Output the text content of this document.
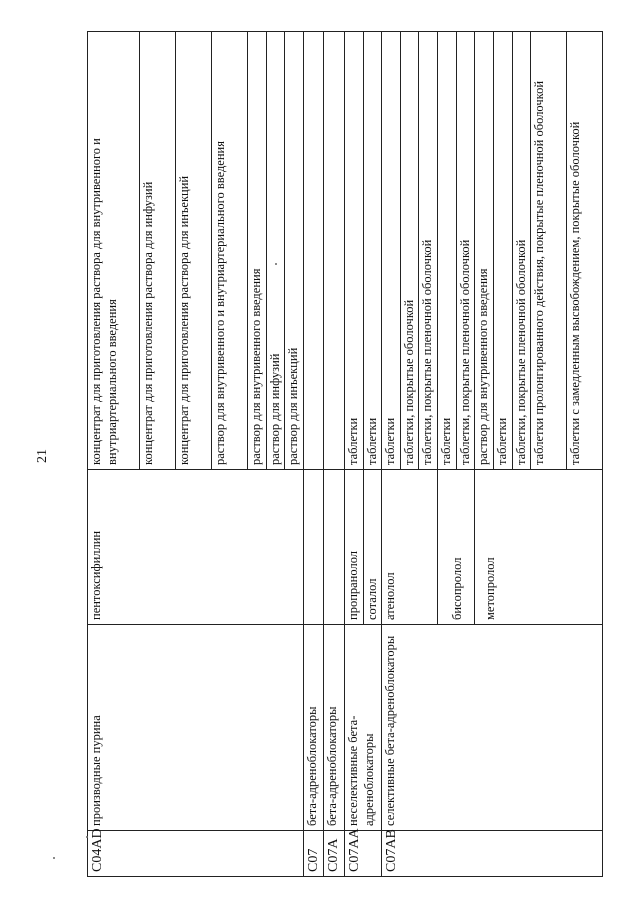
21
C04AD	производные пурина	пентоксифиллин	концентрат для приготовления раствора для внутривенного и внутриартериального введения
			концентрат для приготовления раствора для инфузий
			концентрат для приготовления раствора для инъекций
			раствор для внутривенного и внутриартериального введения
			раствор для внутривенного введения
			раствор для инфузий
			раствор для инъекций
C07	бета-адреноблокаторы		
C07A	бета-адреноблокаторы		
C07AA	неселективные бета-адреноблокаторы	пропранолол	таблетки
		соталол	таблетки
C07AB	селективные бета-адреноблокаторы	атенолол	таблетки
			таблетки, покрытые оболочкой
			таблетки, покрытые пленочной оболочкой
		бисопролол	таблетки
			таблетки, покрытые пленочной оболочкой
		метопролол	раствор для внутривенного введения
			таблетки
			таблетки, покрытые пленочной оболочкой
			таблетки пролонгированного действия, покрытые пленочной оболочкой
			таблетки с замедленным высвобождением, покрытые оболочкой
